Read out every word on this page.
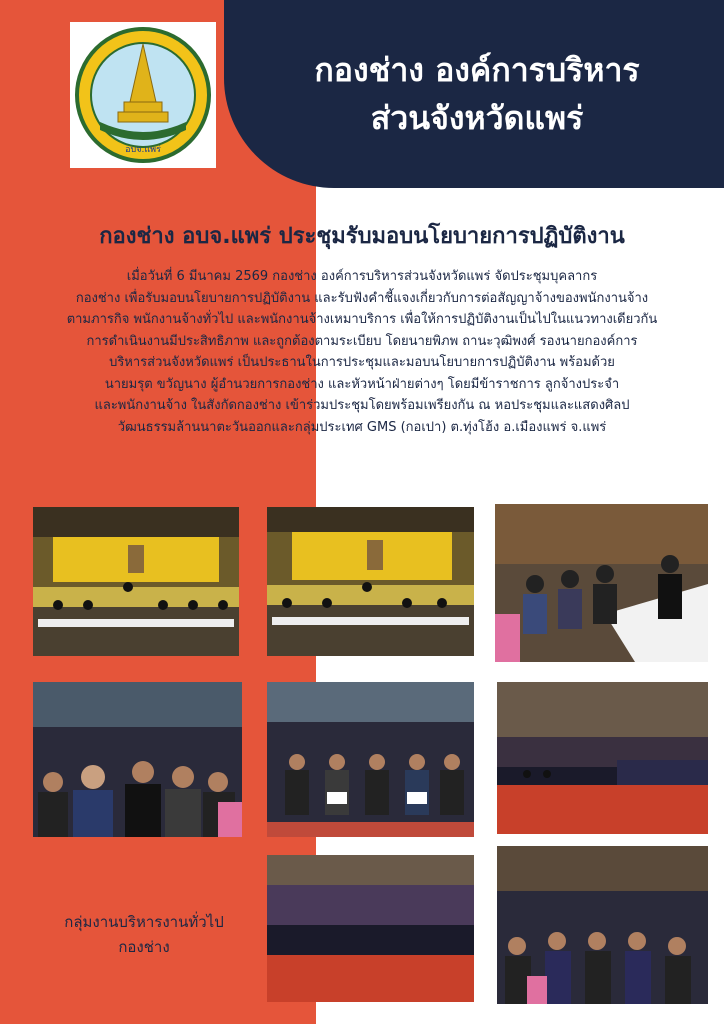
อบจ.แพร่
กองช่าง องค์การบริหาร
ส่วนจังหวัดแพร่
กองช่าง อบจ.แพร่ ประชุมรับมอบนโยบายการปฏิบัติงาน
เมื่อวันที่ 6 มีนาคม 2569 กองช่าง องค์การบริหารส่วนจังหวัดแพร่ จัดประชุมบุคลากร
กองช่าง เพื่อรับมอบนโยบายการปฏิบัติงาน และรับฟังคำชี้แจงเกี่ยวกับการต่อสัญญาจ้างของพนักงานจ้าง
ตามภารกิจ พนักงานจ้างทั่วไป และพนักงานจ้างเหมาบริการ เพื่อให้การปฏิบัติงานเป็นไปในแนวทางเดียวกัน
การดำเนินงานมีประสิทธิภาพ และถูกต้องตามระเบียบ โดยนายพิภพ ถานะวุฒิพงศ์ รองนายกองค์การ
บริหารส่วนจังหวัดแพร่ เป็นประธานในการประชุมและมอบนโยบายการปฏิบัติงาน พร้อมด้วย
นายมรุต ขวัญนาง ผู้อำนวยการกองช่าง และหัวหน้าฝ่ายต่างๆ โดยมีข้าราชการ ลูกจ้างประจำ
และพนักงานจ้าง ในสังกัดกองช่าง เข้าร่วมประชุมโดยพร้อมเพรียงกัน ณ หอประชุมและแสดงศิลป
วัฒนธรรมล้านนาตะวันออกและกลุ่มประเทศ GMS (กอเปา) ต.ทุ่งโฮ้ง อ.เมืองแพร่ จ.แพร่
กลุ่มงานบริหารงานทั่วไป
กองช่าง
